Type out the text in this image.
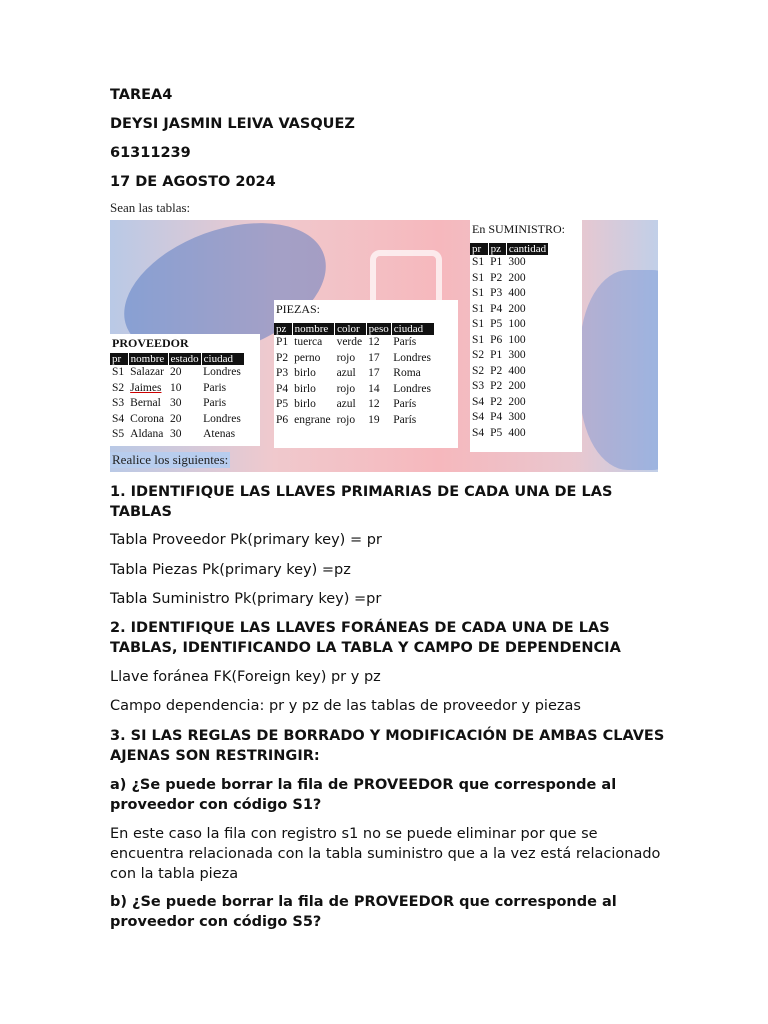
TAREA4
DEYSI JASMIN LEIVA VASQUEZ
61311239
17 DE AGOSTO 2024
Sean las tablas:
En SUMINISTRO:
pr	pz	cantidad
S1	P1	300
S1	P2	200
S1	P3	400
S1	P4	200
S1	P5	100
S1	P6	100
S2	P1	300
S2	P2	400
S3	P2	200
S4	P2	200
S4	P4	300
S4	P5	400
PIEZAS:
pz	nombre	color	peso	ciudad
P1	tuerca	verde	12	París
P2	perno	rojo	17	Londres
P3	birlo	azul	17	Roma
P4	birlo	rojo	14	Londres
P5	birlo	azul	12	París
P6	engrane	rojo	19	París
PROVEEDOR
pr	nombre	estado	ciudad
S1	Salazar	20	Londres
S2	Jaimes	10	Paris
S3	Bernal	30	Paris
S4	Corona	20	Londres
S5	Aldana	30	Atenas
Realice los siguientes:
1. IDENTIFIQUE LAS LLAVES PRIMARIAS DE CADA UNA DE LAS TABLAS
Tabla Proveedor Pk(primary key) = pr
Tabla Piezas Pk(primary key) =pz
Tabla Suministro Pk(primary key) =pr
2. IDENTIFIQUE LAS LLAVES FORÁNEAS DE CADA UNA DE LAS TABLAS, IDENTIFICANDO LA TABLA Y CAMPO DE DEPENDENCIA
Llave foránea FK(Foreign key) pr y pz
Campo dependencia: pr y pz de las tablas de proveedor y piezas
3. SI LAS REGLAS DE BORRADO Y MODIFICACIÓN DE AMBAS CLAVES AJENAS SON RESTRINGIR:
a) ¿Se puede borrar la fila de PROVEEDOR que corresponde al proveedor con código S1?
En este caso la fila con registro s1 no se puede eliminar por que se encuentra relacionada con la tabla suministro que a la vez está relacionado con la tabla pieza
b) ¿Se puede borrar la fila de PROVEEDOR que corresponde al proveedor con código S5?
